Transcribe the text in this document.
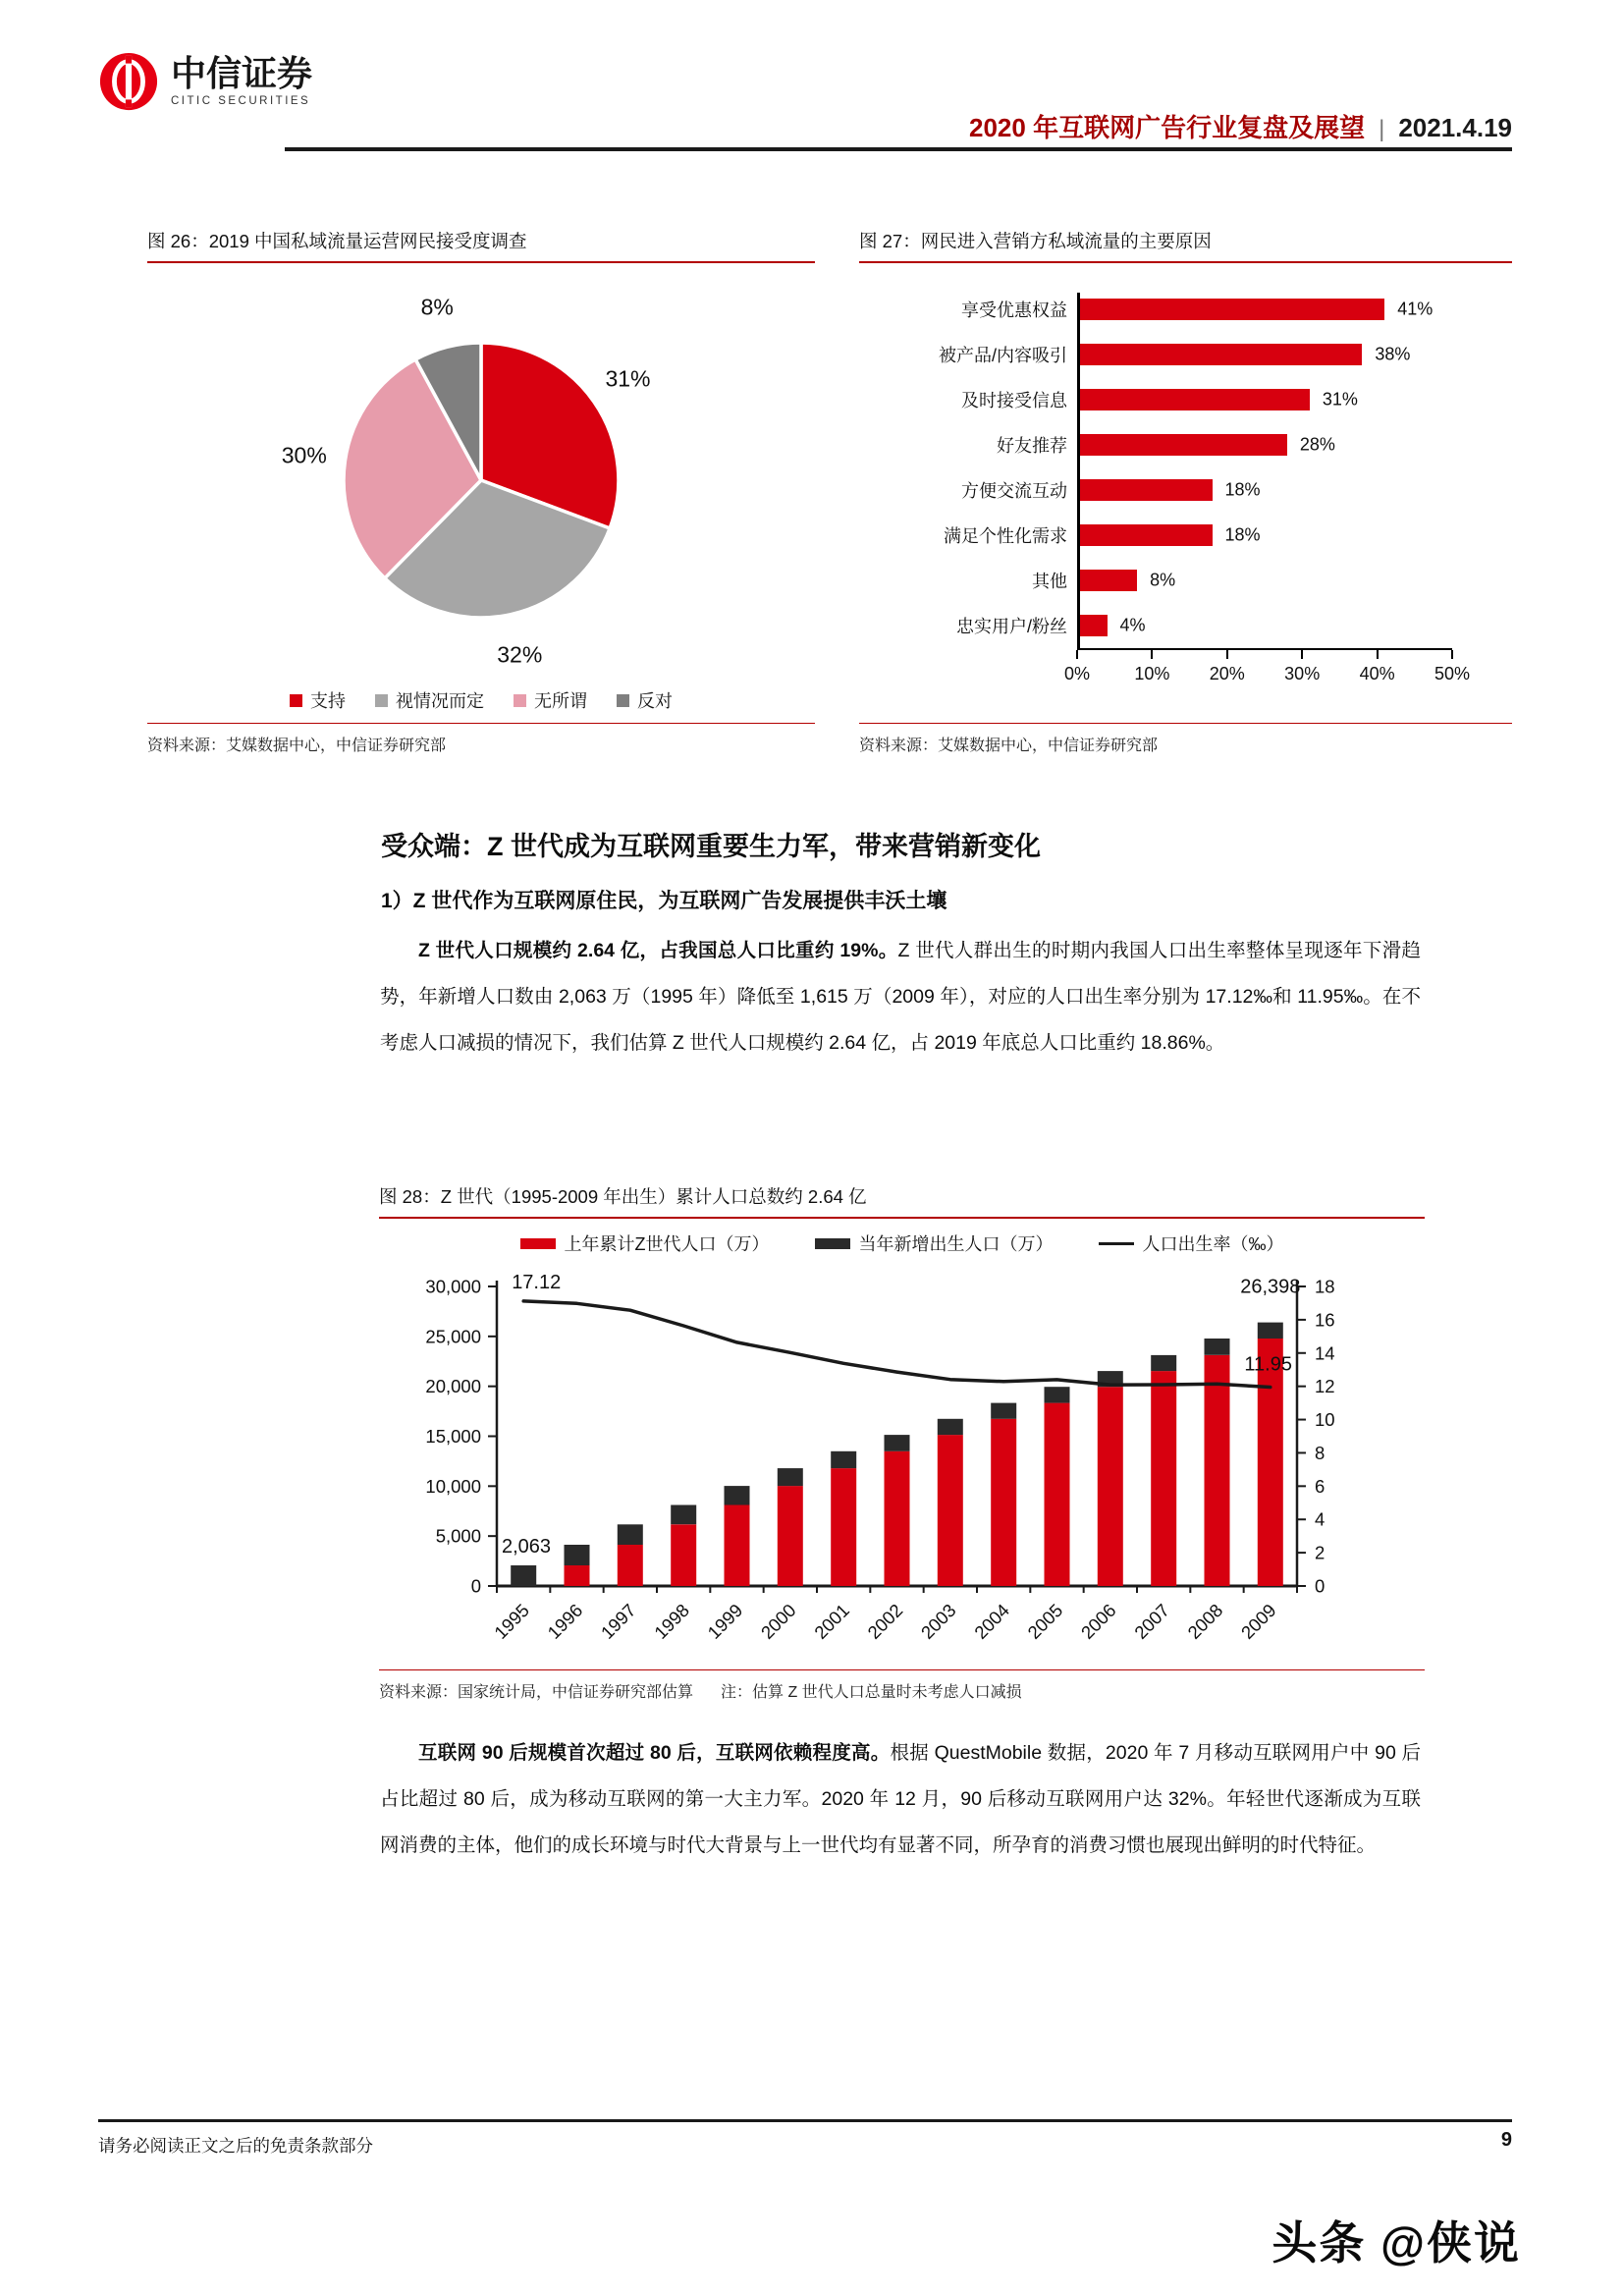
中信证券
CITIC SECURITIES
2020 年互联网广告行业复盘及展望 | 2021.4.19
图 26：2019 中国私域流量运营网民接受度调查
31%
32%
30%
8%
支持	视情况而定	无所谓	反对
资料来源：艾媒数据中心，中信证券研究部
图 27：网民进入营销方私域流量的主要原因
享受优惠权益	41%
被产品/内容吸引	38%
及时接受信息	31%
好友推荐	28%
方便交流互动	18%
满足个性化需求	18%
其他	8%
忠实用户/粉丝	4%
0%	10% 20% 30% 40% 50%
资料来源：艾媒数据中心，中信证券研究部
受众端：Z 世代成为互联网重要生力军，带来营销新变化
1）Z 世代作为互联网原住民，为互联网广告发展提供丰沃土壤

Z 世代人口规模约 2.64 亿，占我国总人口比重约 19%。Z 世代人群出生的时期内我国人口出生率整体呈现逐年下滑趋势，年新增人口数由 2,063 万（1995 年）降低至 1,615 万（2009 年），对应的人口出生率分别为 17.12‰和 11.95‰。在不考虑人口减损的情况下，我们估算 Z 世代人口规模约 2.64 亿，占 2019 年底总人口比重约 18.86%。

图 28：Z 世代（1995-2009 年出生）累计人口总数约 2.64 亿
上年累计Z世代人口（万）	当年新增出生人口（万）	人口出生率（‰）
0
5,000
10,000
15,000
20,000
25,000
30,000
0
2
4
6
8
10
12
14
16
18
1995 1996 1997 1998 1999 2000 2001 2002 2003 2004 2005 2006 2007 2008 2009
17.12
2,063
26,398
11.95
资料来源：国家统计局，中信证券研究部估算 注：估算 Z 世代人口总量时未考虑人口减损

互联网 90 后规模首次超过 80 后，互联网依赖程度高。根据 QuestMobile 数据，2020 年 7 月移动互联网用户中 90 后占比超过 80 后，成为移动互联网的第一大主力军。2020 年 12 月，90 后移动互联网用户达 32%。年轻世代逐渐成为互联网消费的主体，他们的成长环境与时代大背景与上一世代均有显著不同，所孕育的消费习惯也展现出鲜明的时代特征。

请务必阅读正文之后的免责条款部分	9
头条 @侠说
